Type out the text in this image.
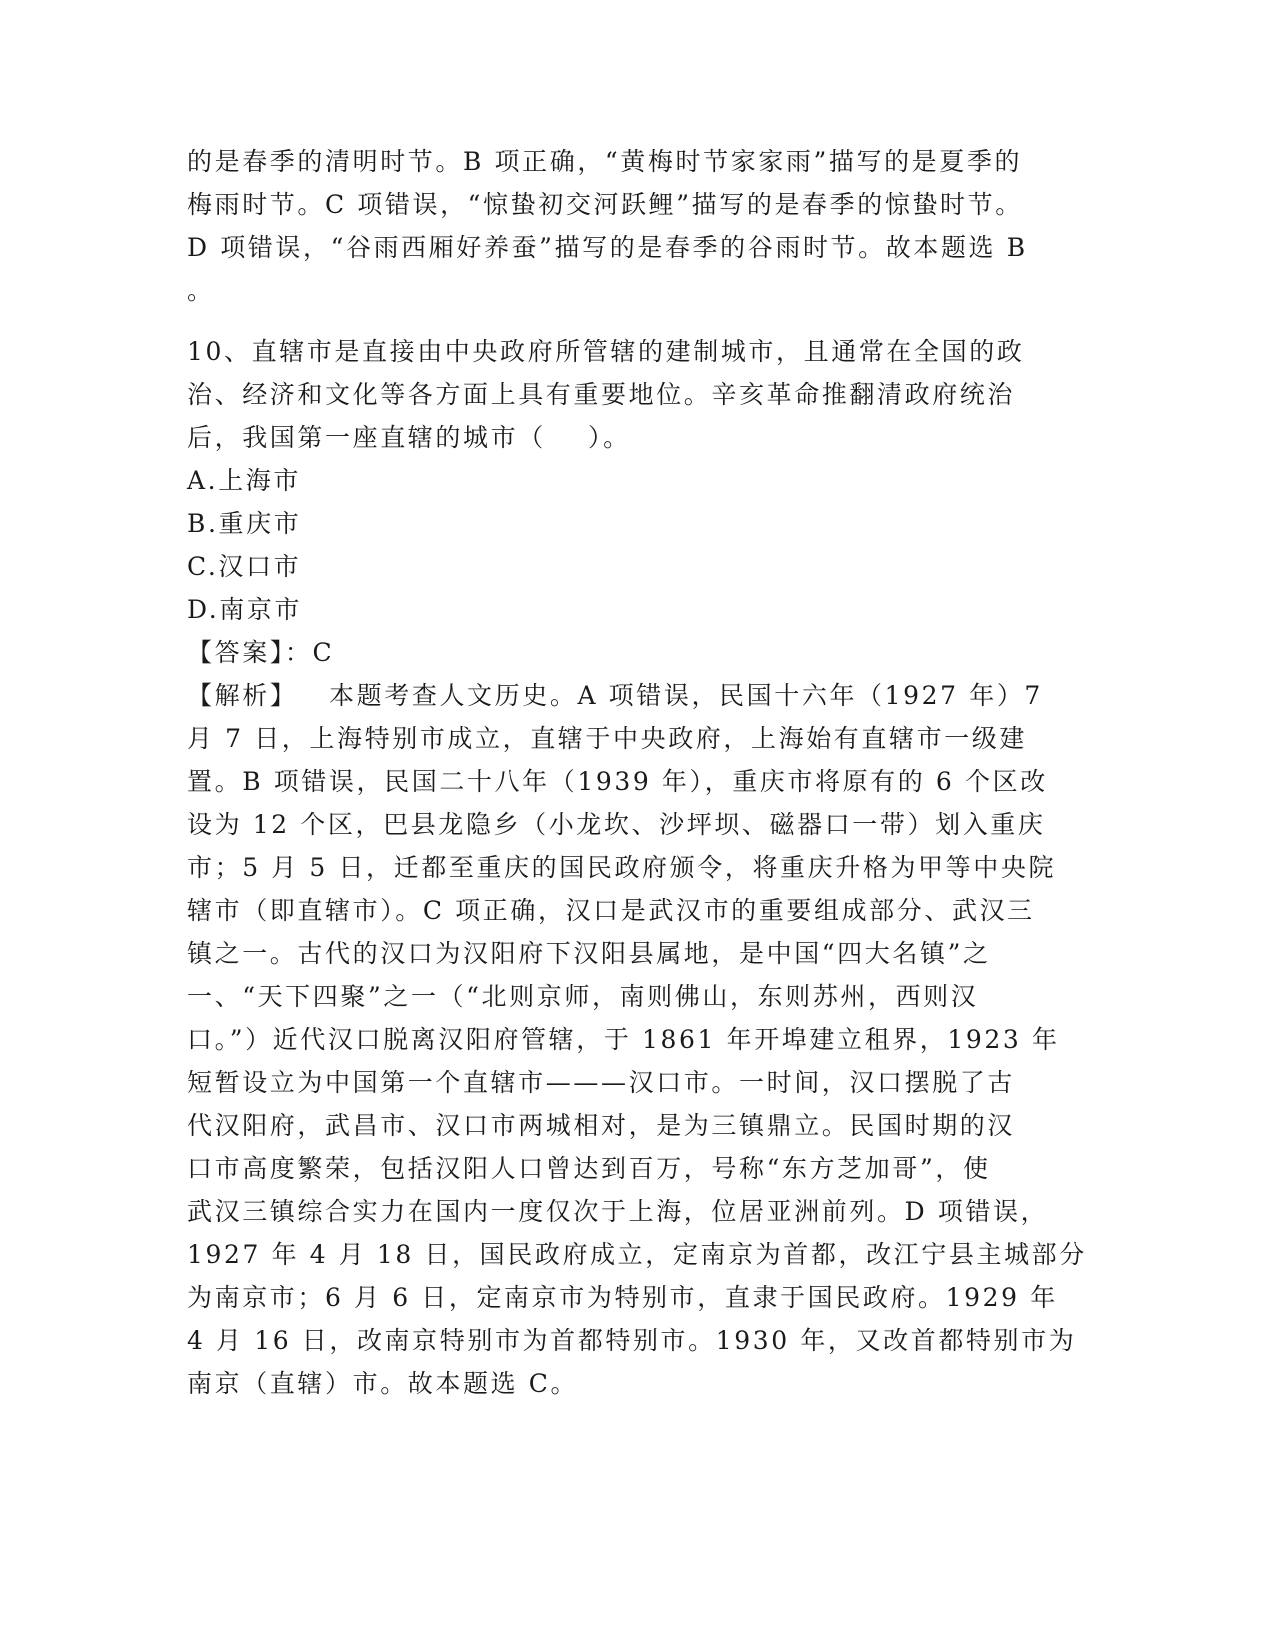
的是春季的清明时节。B 项正确，“黄梅时节家家雨”描写的是夏季的
梅雨时节。C 项错误，“惊蛰初交河跃鲤”描写的是春季的惊蛰时节。
D 项错误，“谷雨西厢好养蚕”描写的是春季的谷雨时节。故本题选 B
。
10、直辖市是直接由中央政府所管辖的建制城市，且通常在全国的政
治、经济和文化等各方面上具有重要地位。辛亥革命推翻清政府统治
后，我国第一座直辖的城市（    ）。
A.上海市
B.重庆市
C.汉口市
D.南京市
【答案】：C
【解析】   本题考查人文历史。A 项错误，民国十六年（1927 年）7
月 7 日，上海特别市成立，直辖于中央政府，上海始有直辖市一级建
置。B 项错误，民国二十八年（1939 年），重庆市将原有的 6 个区改
设为 12 个区，巴县龙隐乡（小龙坎、沙坪坝、磁器口一带）划入重庆
市；5 月 5 日，迁都至重庆的国民政府颁令，将重庆升格为甲等中央院
辖市（即直辖市）。C 项正确，汉口是武汉市的重要组成部分、武汉三
镇之一。古代的汉口为汉阳府下汉阳县属地，是中国“四大名镇”之
一、“天下四聚”之一（“北则京师，南则佛山，东则苏州，西则汉
口。”）近代汉口脱离汉阳府管辖，于 1861 年开埠建立租界，1923 年
短暂设立为中国第一个直辖市———汉口市。一时间，汉口摆脱了古
代汉阳府，武昌市、汉口市两城相对，是为三镇鼎立。民国时期的汉
口市高度繁荣，包括汉阳人口曾达到百万，号称“东方芝加哥”，使
武汉三镇综合实力在国内一度仅次于上海，位居亚洲前列。D 项错误，
1927 年 4 月 18 日，国民政府成立，定南京为首都，改江宁县主城部分
为南京市；6 月 6 日，定南京市为特别市，直隶于国民政府。1929 年
4 月 16 日，改南京特别市为首都特别市。1930 年，又改首都特别市为
南京（直辖）市。故本题选 C。
